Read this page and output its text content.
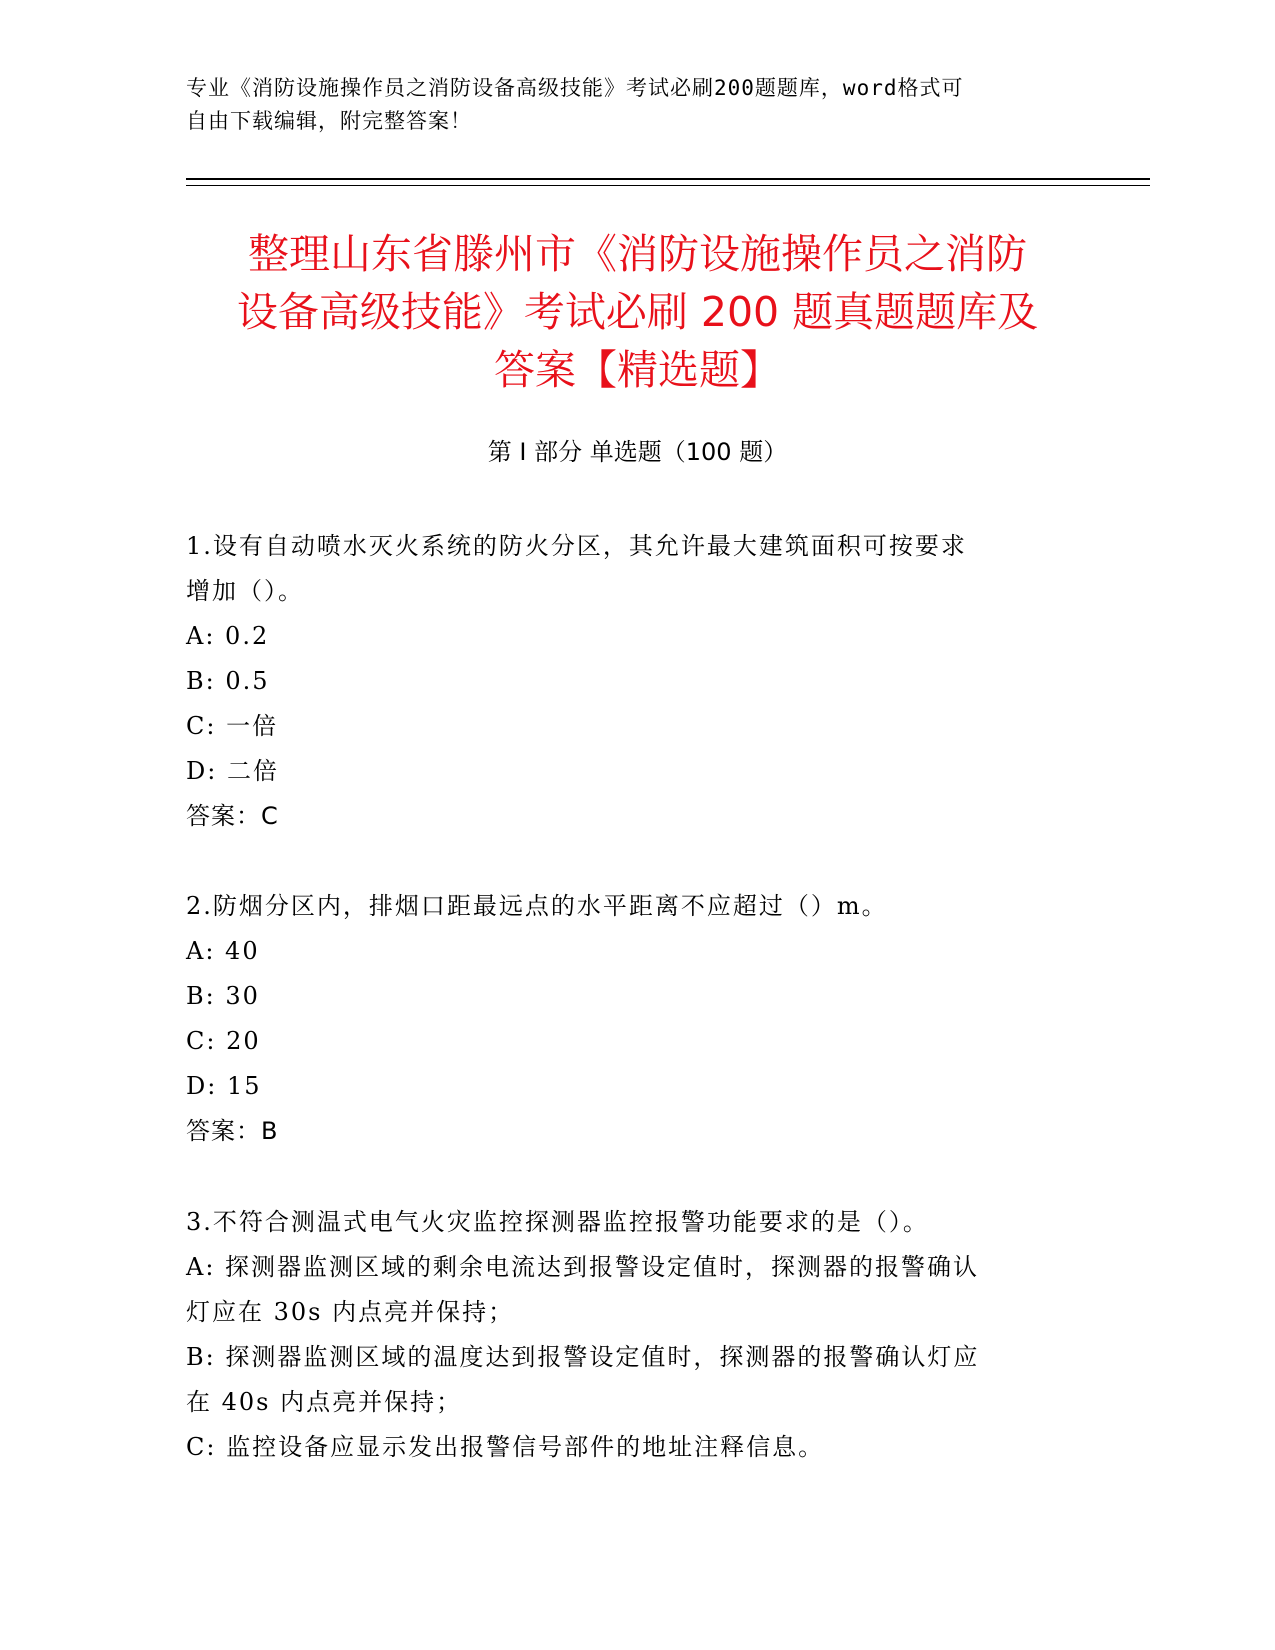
专业《消防设施操作员之消防设备高级技能》考试必刷200题题库，word格式可
自由下载编辑，附完整答案！
整理山东省滕州市《消防设施操作员之消防
设备高级技能》考试必刷 200 题真题题库及
答案【精选题】
第 I 部分 单选题（100 题）
1.设有自动喷水灭火系统的防火分区，其允许最大建筑面积可按要求
增加（）。
A: 0.2
B: 0.5
C: 一倍
D: 二倍
答案：C
2.防烟分区内，排烟口距最远点的水平距离不应超过（）m。
A: 40
B: 30
C: 20
D: 15
答案：B
3.不符合测温式电气火灾监控探测器监控报警功能要求的是（）。
A: 探测器监测区域的剩余电流达到报警设定值时，探测器的报警确认
灯应在 30s 内点亮并保持；
B: 探测器监测区域的温度达到报警设定值时，探测器的报警确认灯应
在 40s 内点亮并保持；
C: 监控设备应显示发出报警信号部件的地址注释信息。
